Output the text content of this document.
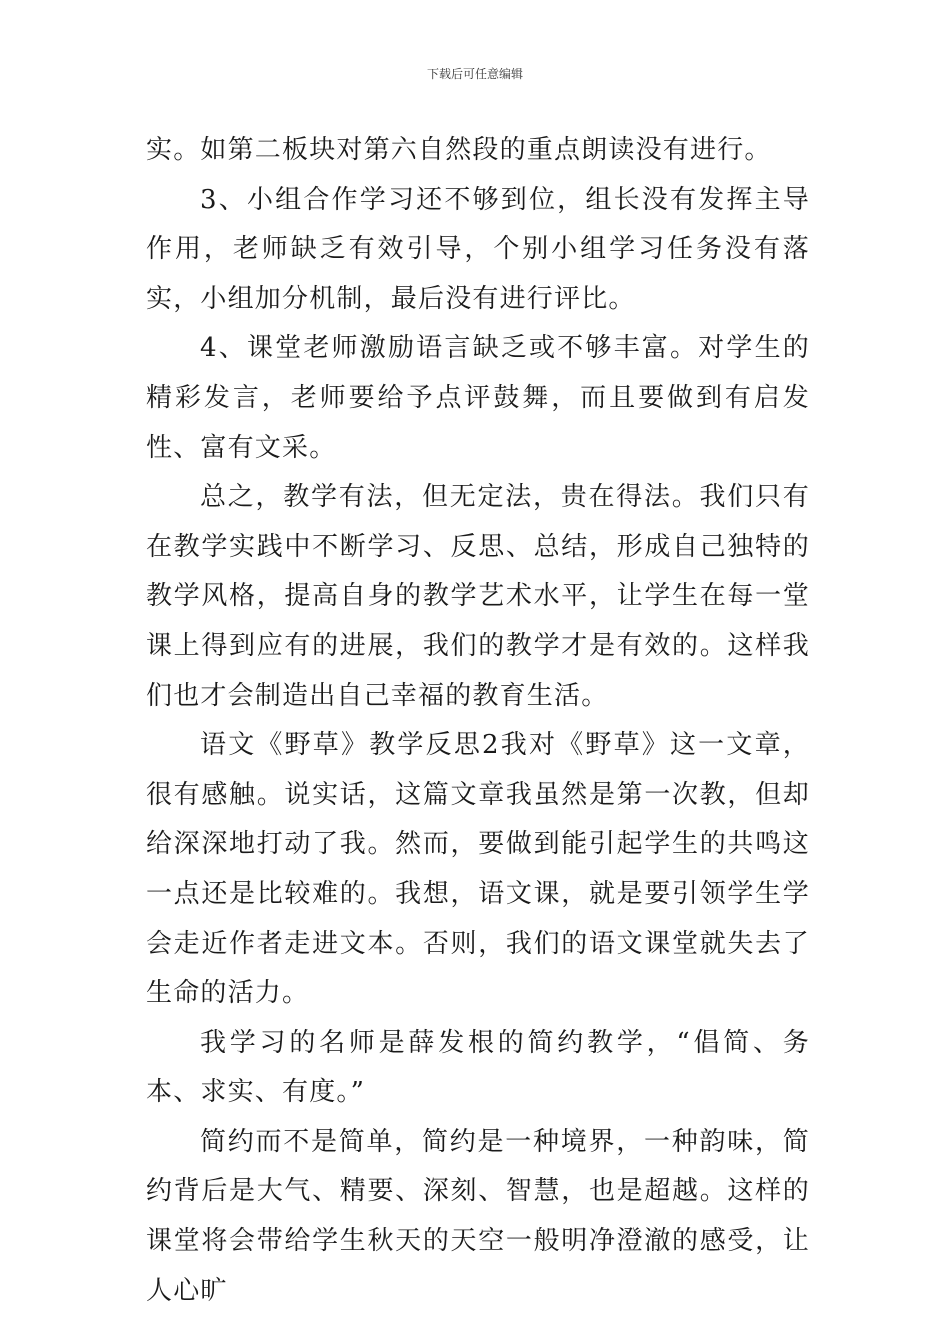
下载后可任意编辑

实。如第二板块对第六自然段的重点朗读没有进行。

3、小组合作学习还不够到位，组长没有发挥主导作用，老师缺乏有效引导，个别小组学习任务没有落实，小组加分机制，最后没有进行评比。

4、课堂老师激励语言缺乏或不够丰富。对学生的精彩发言，老师要给予点评鼓舞，而且要做到有启发性、富有文采。

总之，教学有法，但无定法，贵在得法。我们只有在教学实践中不断学习、反思、总结，形成自己独特的教学风格，提高自身的教学艺术水平，让学生在每一堂课上得到应有的进展，我们的教学才是有效的。这样我们也才会制造出自己幸福的教育生活。

语文《野草》教学反思2我对《野草》这一文章，很有感触。说实话，这篇文章我虽然是第一次教，但却给深深地打动了我。然而，要做到能引起学生的共鸣这一点还是比较难的。我想，语文课，就是要引领学生学会走近作者走进文本。否则，我们的语文课堂就失去了生命的活力。

我学习的名师是薛发根的简约教学，“倡简、务本、求实、有度。”

简约而不是简单，简约是一种境界，一种韵味，简约背后是大气、精要、深刻、智慧，也是超越。这样的课堂将会带给学生秋天的天空一般明净澄澈的感受，让人心旷
